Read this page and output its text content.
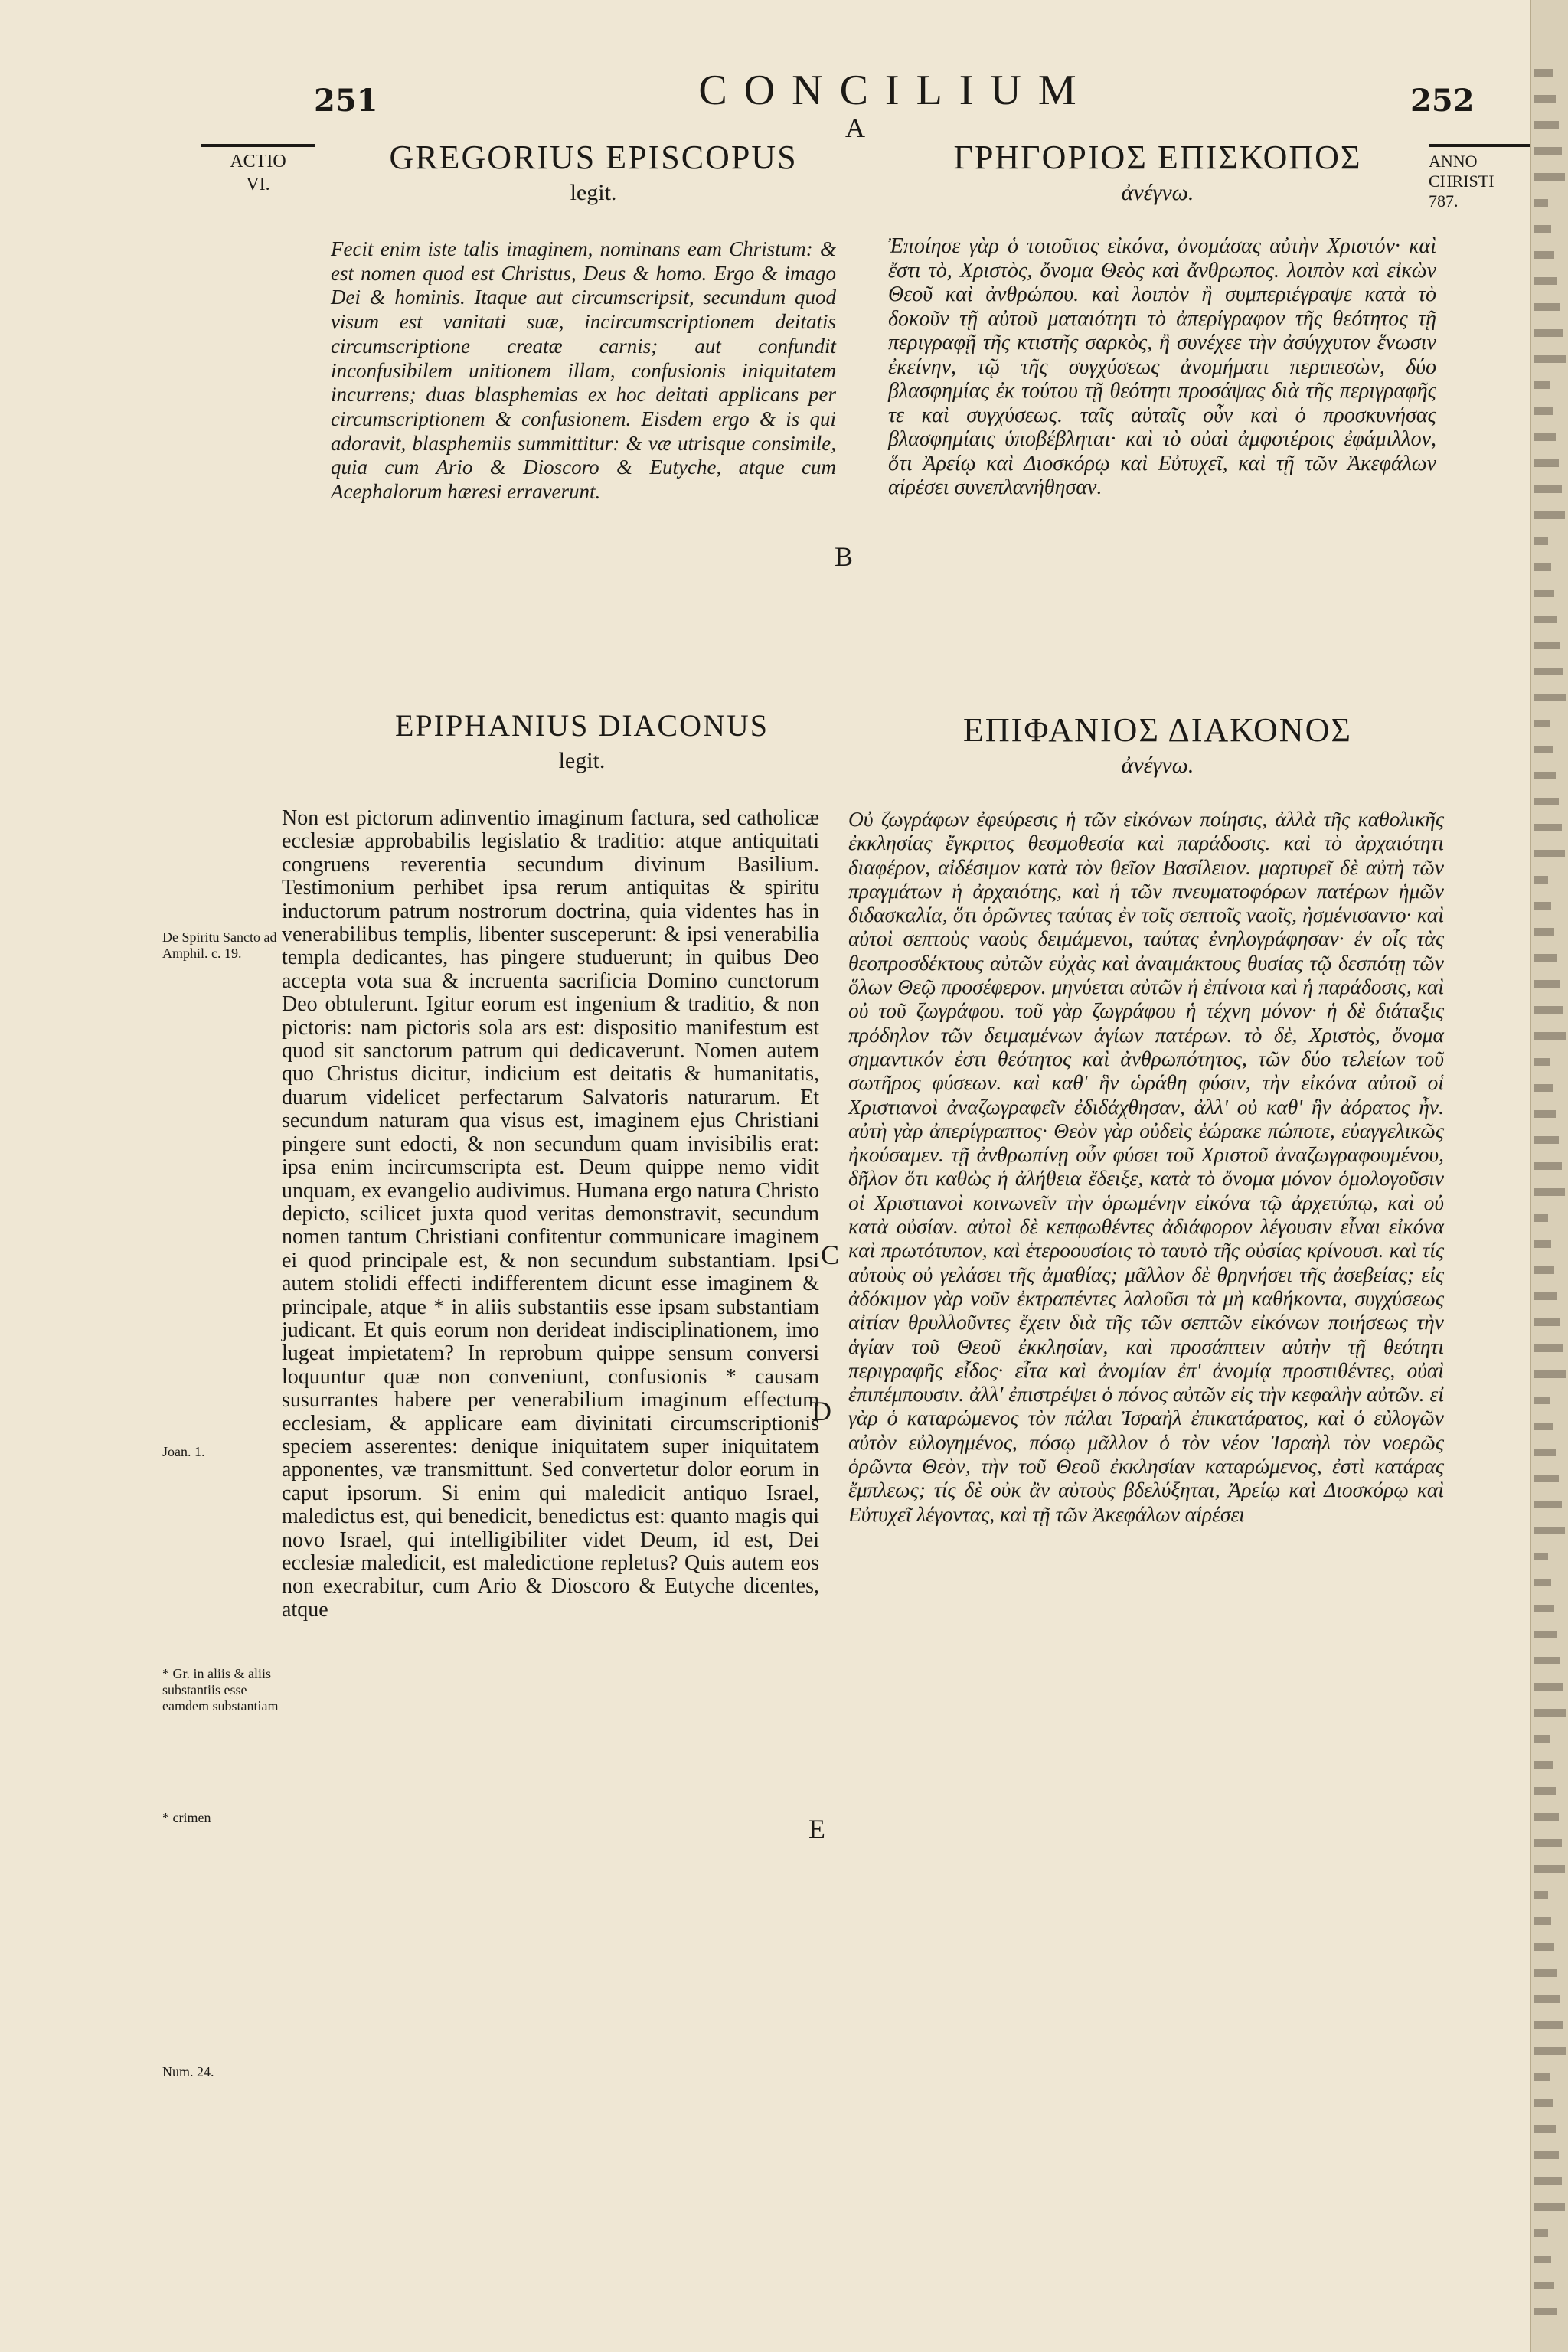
251	CONCILIUM	252
A
B
C
D
E
ACTIO
VI.
ANNO
CHRISTI
787.
GREGORIUS EPISCOPUS
legit.
ΓΡΗΓΟΡΙΟΣ ΕΠΙΣΚΟΠΟΣ
ἀνέγνω.

Fecit enim iste talis imaginem, nominans eam Christum: & est nomen quod est Christus, Deus & homo. Ergo & imago Dei & hominis. Itaque aut circumscripsit, secundum quod visum est vanitati suæ, incircumscriptionem deitatis circumscriptione creatæ carnis; aut confundit inconfusibilem unitionem illam, confusionis iniquitatem incurrens; duas blasphemias ex hoc deitati applicans per circumscriptionem & confusionem. Eisdem ergo & is qui adoravit, blasphemiis summittitur: & væ utrisque consimile, quia cum Ario & Dioscoro & Eutyche, atque cum Acephalorum hæresi erraverunt.

Ἐποίησε γὰρ ὁ τοιοῦτος εἰκόνα, ὀνομάσας αὐτὴν Χριστόν· καὶ ἔστι τὸ, Χριστὸς, ὄνομα Θεὸς καὶ ἄνθρωπος. λοιπὸν καὶ εἰκὼν Θεοῦ καὶ ἀνθρώπου. καὶ λοιπὸν ἢ συμπεριέγραψε κατὰ τὸ δοκοῦν τῇ αὐτοῦ ματαιότητι τὸ ἀπερίγραφον τῆς θεότητος τῇ περιγραφῇ τῆς κτιστῆς σαρκὸς, ἢ συνέχεε τὴν ἀσύγχυτον ἕνωσιν ἐκείνην, τῷ τῆς συγχύσεως ἀνομήματι περιπεσὼν, δύο βλασφημίας ἐκ τούτου τῇ θεότητι προσάψας διὰ τῆς περιγραφῆς τε καὶ συγχύσεως. ταῖς αὐταῖς οὖν καὶ ὁ προσκυνήσας βλασφημίαις ὑποβέβληται· καὶ τὸ οὐαὶ ἀμφοτέροις ἐφάμιλλον, ὅτι Ἀρείῳ καὶ Διοσκόρῳ καὶ Εὐτυχεῖ, καὶ τῇ τῶν Ἀκεφάλων αἱρέσει συνεπλανήθησαν.

EPIPHANIUS DIACONUS
legit.
ΕΠΙΦΑΝΙΟΣ ΔΙΑΚΟΝΟΣ
ἀνέγνω.

Non est pictorum adinventio imaginum factura, sed catholicæ ecclesiæ approbabilis legislatio & traditio: atque antiquitati congruens reverentia secundum divinum Basilium. Testimonium perhibet ipsa rerum antiquitas & spiritu inductorum patrum nostrorum doctrina, quia videntes has in venerabilibus templis, libenter susceperunt: & ipsi venerabilia templa dedicantes, has pingere studuerunt; in quibus Deo accepta vota sua & incruenta sacrificia Domino cunctorum Deo obtulerunt. Igitur eorum est ingenium & traditio, & non pictoris: nam pictoris sola ars est: dispositio manifestum est quod sit sanctorum patrum qui dedicaverunt. Nomen autem quo Christus dicitur, indicium est deitatis & humanitatis, duarum videlicet perfectarum Salvatoris naturarum. Et secundum naturam qua visus est, imaginem ejus Christiani pingere sunt edocti, & non secundum quam invisibilis erat: ipsa enim incircumscripta est. Deum quippe nemo vidit unquam, ex evangelio audivimus. Humana ergo natura Christo depicto, scilicet juxta quod veritas demonstravit, secundum nomen tantum Christiani confitentur communicare imaginem ei quod principale est, & non secundum substantiam. Ipsi autem stolidi effecti indifferentem dicunt esse imaginem & principale, atque * in aliis substantiis esse ipsam substantiam judicant. Et quis eorum non derideat indisciplinationem, imo lugeat impietatem? In reprobum quippe sensum conversi loquuntur quæ non conveniunt, confusionis * causam susurrantes habere per venerabilium imaginum effectum ecclesiam, & applicare eam divinitati circumscriptionis speciem asserentes: denique iniquitatem super iniquitatem apponentes, væ transmittunt. Sed convertetur dolor eorum in caput ipsorum. Si enim qui maledicit antiquo Israel, maledictus est, qui benedicit, benedictus est: quanto magis qui novo Israel, qui intelligibiliter videt Deum, id est, Dei ecclesiæ maledicit, est maledictione repletus? Quis autem eos non execrabitur, cum Ario & Dioscoro & Eutyche dicentes, atque

Οὐ ζωγράφων ἐφεύρεσις ἡ τῶν εἰκόνων ποίησις, ἀλλὰ τῆς καθολικῆς ἐκκλησίας ἔγκριτος θεσμοθεσία καὶ παράδοσις. καὶ τὸ ἀρχαιότητι διαφέρον, αἰδέσιμον κατὰ τὸν θεῖον Βασίλειον. μαρτυρεῖ δὲ αὐτὴ τῶν πραγμάτων ἡ ἀρχαιότης, καὶ ἡ τῶν πνευματοφόρων πατέρων ἡμῶν διδασκαλία, ὅτι ὁρῶντες ταύτας ἐν τοῖς σεπτοῖς ναοῖς, ἠσμένισαντο· καὶ αὐτοὶ σεπτοὺς ναοὺς δειμάμενοι, ταύτας ἐνηλογράφησαν· ἐν οἷς τὰς θεοπροσδέκτους αὐτῶν εὐχὰς καὶ ἀναιμάκτους θυσίας τῷ δεσπότῃ τῶν ὅλων Θεῷ προσέφερον. μηνύεται αὐτῶν ἡ ἐπίνοια καὶ ἡ παράδοσις, καὶ οὐ τοῦ ζωγράφου. τοῦ γὰρ ζωγράφου ἡ τέχνη μόνον· ἡ δὲ διάταξις πρόδηλον τῶν δειμαμένων ἁγίων πατέρων. τὸ δὲ, Χριστὸς, ὄνομα σημαντικόν ἐστι θεότητος καὶ ἀνθρωπότητος, τῶν δύο τελείων τοῦ σωτῆρος φύσεων. καὶ καθ' ἣν ὡράθη φύσιν, τὴν εἰκόνα αὐτοῦ οἱ Χριστιανοὶ ἀναζωγραφεῖν ἐδιδάχθησαν, ἀλλ' οὐ καθ' ἣν ἀόρατος ἦν. αὐτὴ γὰρ ἀπερίγραπτος· Θεὸν γὰρ οὐδεὶς ἑώρακε πώποτε, εὐαγγελικῶς ἠκούσαμεν. τῇ ἀνθρωπίνῃ οὖν φύσει τοῦ Χριστοῦ ἀναζωγραφουμένου, δῆλον ὅτι καθὼς ἡ ἀλήθεια ἔδειξε, κατὰ τὸ ὄνομα μόνον ὁμολογοῦσιν οἱ Χριστιανοὶ κοινωνεῖν τὴν ὁρωμένην εἰκόνα τῷ ἀρχετύπῳ, καὶ οὐ κατὰ οὐσίαν. αὐτοὶ δὲ κεπφωθέντες ἀδιάφορον λέγουσιν εἶναι εἰκόνα καὶ πρωτότυπον, καὶ ἑτεροουσίοις τὸ ταυτὸ τῆς οὐσίας κρίνουσι. καὶ τίς αὐτοὺς οὐ γελάσει τῆς ἀμαθίας; μᾶλλον δὲ θρηνήσει τῆς ἀσεβείας; εἰς ἀδόκιμον γὰρ νοῦν ἐκτραπέντες λαλοῦσι τὰ μὴ καθήκοντα, συγχύσεως αἰτίαν θρυλλοῦντες ἔχειν διὰ τῆς τῶν σεπτῶν εἰκόνων ποιήσεως τὴν ἁγίαν τοῦ Θεοῦ ἐκκλησίαν, καὶ προσάπτειν αὐτὴν τῇ θεότητι περιγραφῆς εἶδος· εἶτα καὶ ἀνομίαν ἐπ' ἀνομίᾳ προστιθέντες, οὐαὶ ἐπιπέμπουσιν. ἀλλ' ἐπιστρέψει ὁ πόνος αὐτῶν εἰς τὴν κεφαλὴν αὐτῶν. εἰ γὰρ ὁ καταρώμενος τὸν πάλαι Ἰσραὴλ ἐπικατάρατος, καὶ ὁ εὐλογῶν αὐτὸν εὐλογημένος, πόσῳ μᾶλλον ὁ τὸν νέον Ἰσραὴλ τὸν νοερῶς ὁρῶντα Θεὸν, τὴν τοῦ Θεοῦ ἐκκλησίαν καταρώμενος, ἐστὶ κατάρας ἔμπλεως; τίς δὲ οὐκ ἂν αὐτοὺς βδελύξηται, Ἀρείῳ καὶ Διοσκόρῳ καὶ Εὐτυχεῖ λέγοντας, καὶ τῇ τῶν Ἀκεφάλων αἱρέσει

De Spiritu Sancto ad Amphil. c. 19.
Joan. 1.
* Gr. in aliis & aliis substantiis esse eamdem substantiam
* crimen
Num. 24.
